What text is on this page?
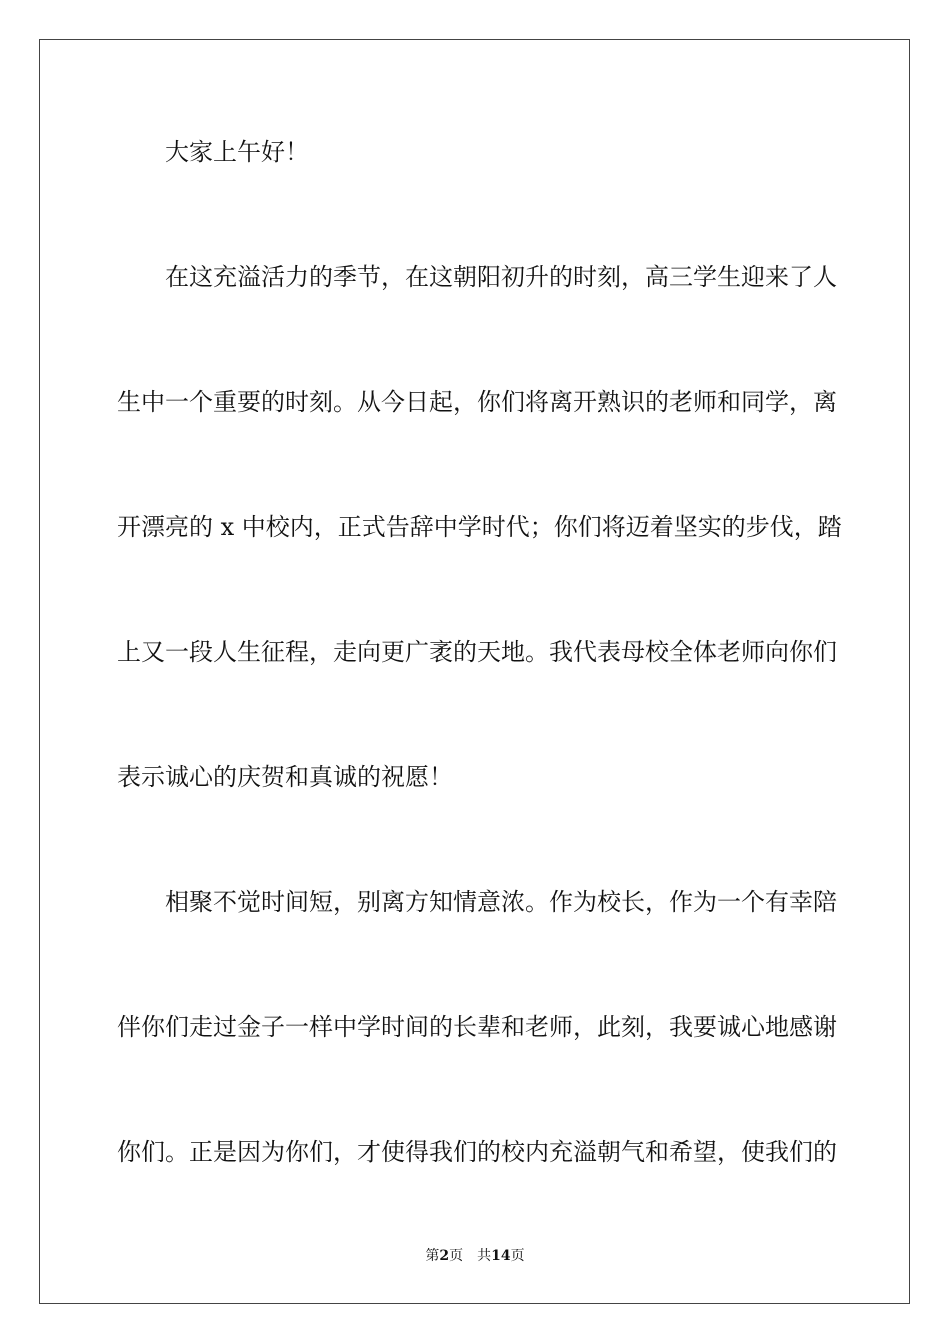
大家上午好！
在这充溢活力的季节，在这朝阳初升的时刻，高三学生迎来了人
生中一个重要的时刻。从今日起，你们将离开熟识的老师和同学，离
开漂亮的 x 中校内，正式告辞中学时代；你们将迈着坚实的步伐，踏
上又一段人生征程，走向更广袤的天地。我代表母校全体老师向你们
表示诚心的庆贺和真诚的祝愿！
相聚不觉时间短，别离方知情意浓。作为校长，作为一个有幸陪
伴你们走过金子一样中学时间的长辈和老师，此刻，我要诚心地感谢
你们。正是因为你们，才使得我们的校内充溢朝气和希望，使我们的
第2页 共14页
